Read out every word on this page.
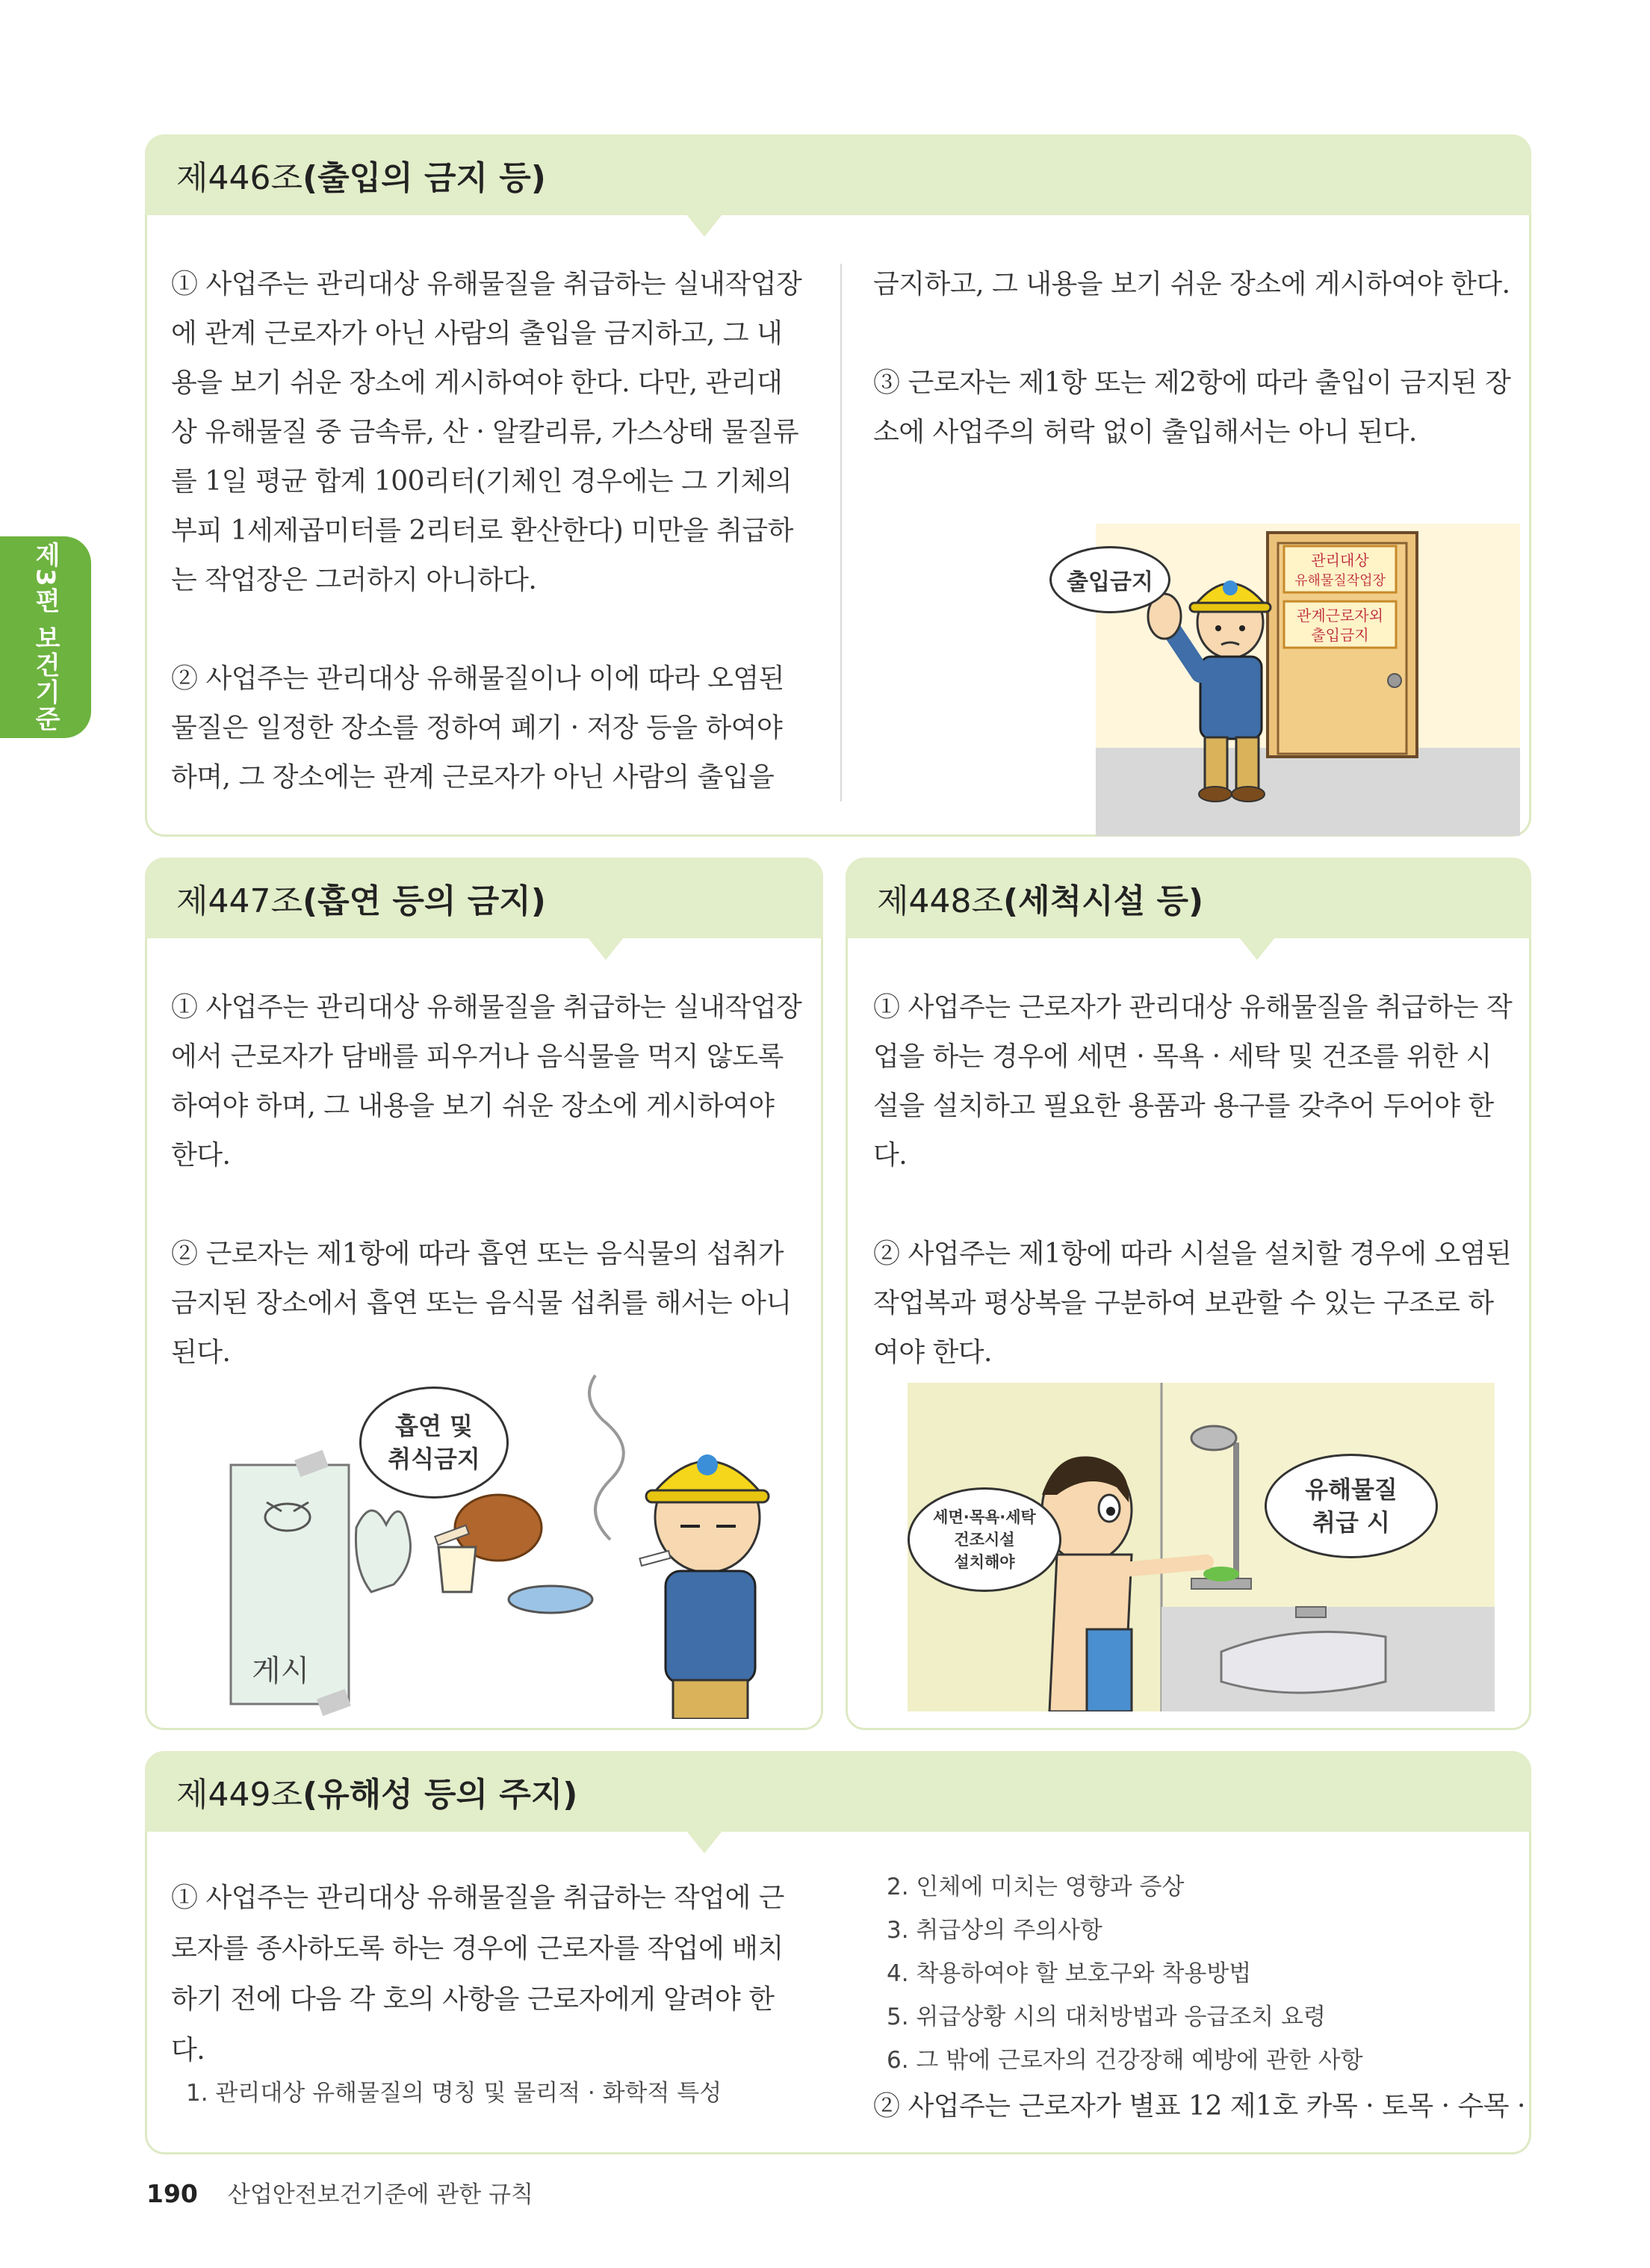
제3편 보건기준
제446조 (출입의 금지 등)

① 사업주는 관리대상 유해물질을 취급하는 실내작업장에 관계 근로자가 아닌 사람의 출입을 금지하고, 그 내용을 보기 쉬운 장소에 게시하여야 한다. 다만, 관리대상 유해물질 중 금속류, 산 · 알칼리류, 가스상태 물질류를 1일 평균 합계 100리터(기체인 경우에는 그 기체의 부피 1세제곱미터를 2리터로 환산한다) 미만을 취급하는 작업장은 그러하지 아니하다.

② 사업주는 관리대상 유해물질이나 이에 따라 오염된 물질은 일정한 장소를 정하여 폐기 · 저장 등을 하여야 하며, 그 장소에는 관계 근로자가 아닌 사람의 출입을

금지하고, 그 내용을 보기 쉬운 장소에 게시하여야 한다.

③ 근로자는 제1항 또는 제2항에 따라 출입이 금지된 장소에 사업주의 허락 없이 출입해서는 아니 된다.

관리대상
유해물질작업장
관계근로자외
출입금지
출입금지
제447조 (흡연 등의 금지)

① 사업주는 관리대상 유해물질을 취급하는 실내작업장에서 근로자가 담배를 피우거나 음식물을 먹지 않도록 하여야 하며, 그 내용을 보기 쉬운 장소에 게시하여야 한다.

② 근로자는 제1항에 따라 흡연 또는 음식물의 섭취가 금지된 장소에서 흡연 또는 음식물 섭취를 해서는 아니 된다.

게시
흡연 및
취식금지
제448조 (세척시설 등)

① 사업주는 근로자가 관리대상 유해물질을 취급하는 작업을 하는 경우에 세면 · 목욕 · 세탁 및 건조를 위한 시설을 설치하고 필요한 용품과 용구를 갖추어 두어야 한다.

② 사업주는 제1항에 따라 시설을 설치할 경우에 오염된 작업복과 평상복을 구분하여 보관할 수 있는 구조로 하여야 한다.

세면·목욕·세탁
건조시설
설치해야
유해물질
취급 시
제449조 (유해성 등의 주지)

① 사업주는 관리대상 유해물질을 취급하는 작업에 근로자를 종사하도록 하는 경우에 근로자를 작업에 배치하기 전에 다음 각 호의 사항을 근로자에게 알려야 한다.

1. 관리대상 유해물질의 명칭 및 물리적 · 화학적 특성
2. 인체에 미치는 영향과 증상
3. 취급상의 주의사항
4. 착용하여야 할 보호구와 착용방법
5. 위급상황 시의 대처방법과 응급조치 요령
6. 그 밖에 근로자의 건강장해 예방에 관한 사항

② 사업주는 근로자가 별표 12 제1호 카목 · 토목 · 수목 ·

190 산업안전보건기준에 관한 규칙
